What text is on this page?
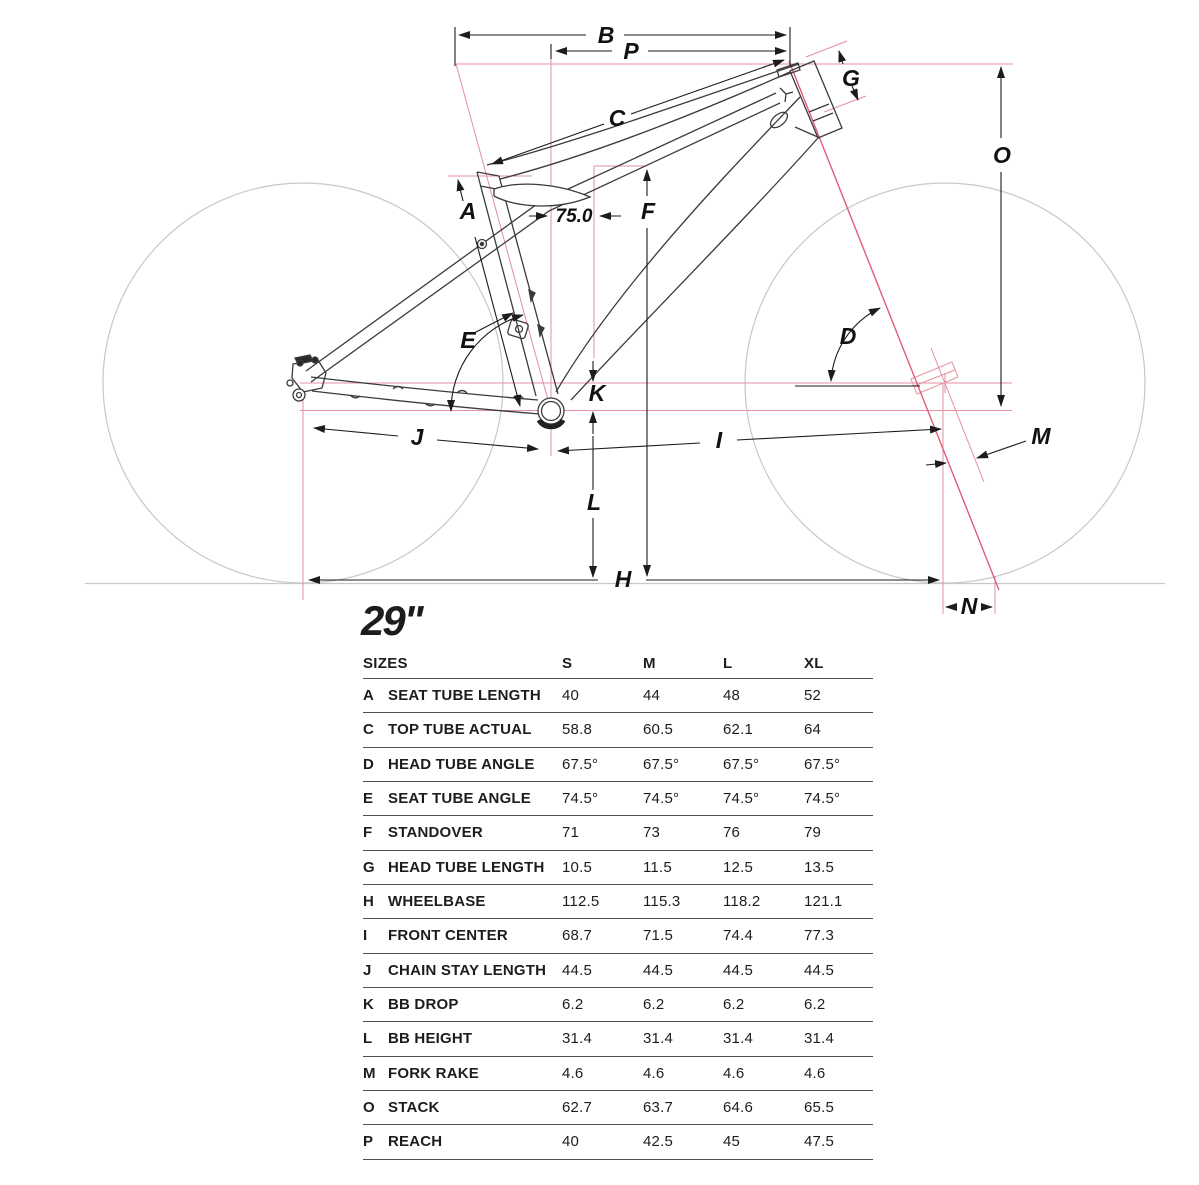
B
P
C
G
O
A	F
75.0
E	D
K
J	I	M
L
H
N
29"
SIZES	S	M	L	XL
A SEAT TUBE LENGTH	40	44	48	52
C TOP TUBE ACTUAL	58.8	60.5	62.1	64
D HEAD TUBE ANGLE	67.5°	67.5°	67.5°	67.5°
E SEAT TUBE ANGLE	74.5°	74.5°	74.5°	74.5°
F	STANDOVER	71	73	76	79
G HEAD TUBE LENGTH	10.5	11.5	12.5	13.5
H WHEELBASE	112.5	115.3	118.2	121.1
I	FRONT CENTER	68.7	71.5	74.4	77.3
J	CHAIN STAY LENGTH	44.5	44.5	44.5	44.5
K BB DROP	6.2	6.2	6.2	6.2
L	BB HEIGHT	31.4	31.4	31.4	31.4
M FORK RAKE	4.6	4.6	4.6	4.6
O STACK	62.7	63.7	64.6	65.5
P REACH	40	42.5	45	47.5
